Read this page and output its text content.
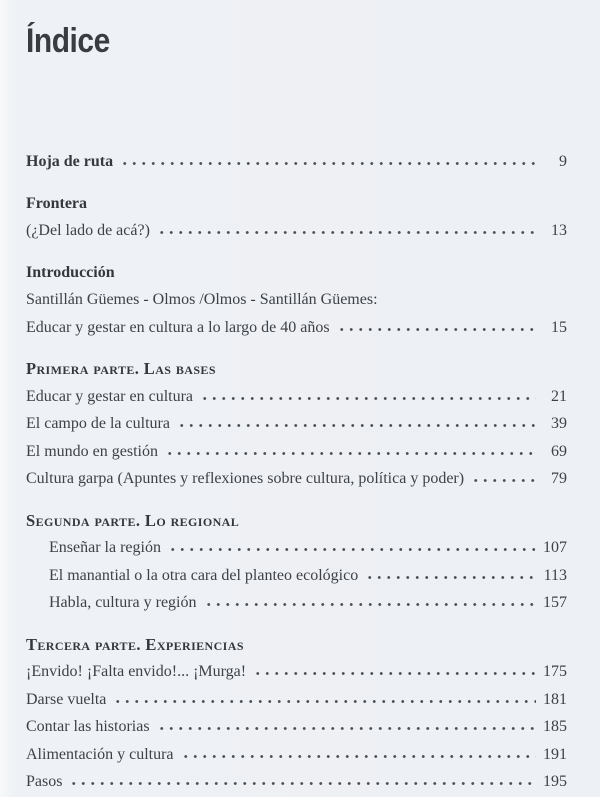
Índice
Hoja de ruta	9
Frontera
(¿Del lado de acá?)	13
Introducción
Santillán Güemes - Olmos /Olmos - Santillán Güemes:
Educar y gestar en cultura a lo largo de 40 años	15
Primera parte. Las bases
Educar y gestar en cultura	21
El campo de la cultura	39
El mundo en gestión	69
Cultura garpa (Apuntes y reflexiones sobre cultura, política y poder)	79
Segunda parte. Lo regional
Enseñar la región	107
El manantial o la otra cara del planteo ecológico	113
Habla, cultura y región	157
Tercera parte. Experiencias
¡Envido! ¡Falta envido!... ¡Murga!	175
Darse vuelta	181
Contar las historias	185
Alimentación y cultura	191
Pasos	195
